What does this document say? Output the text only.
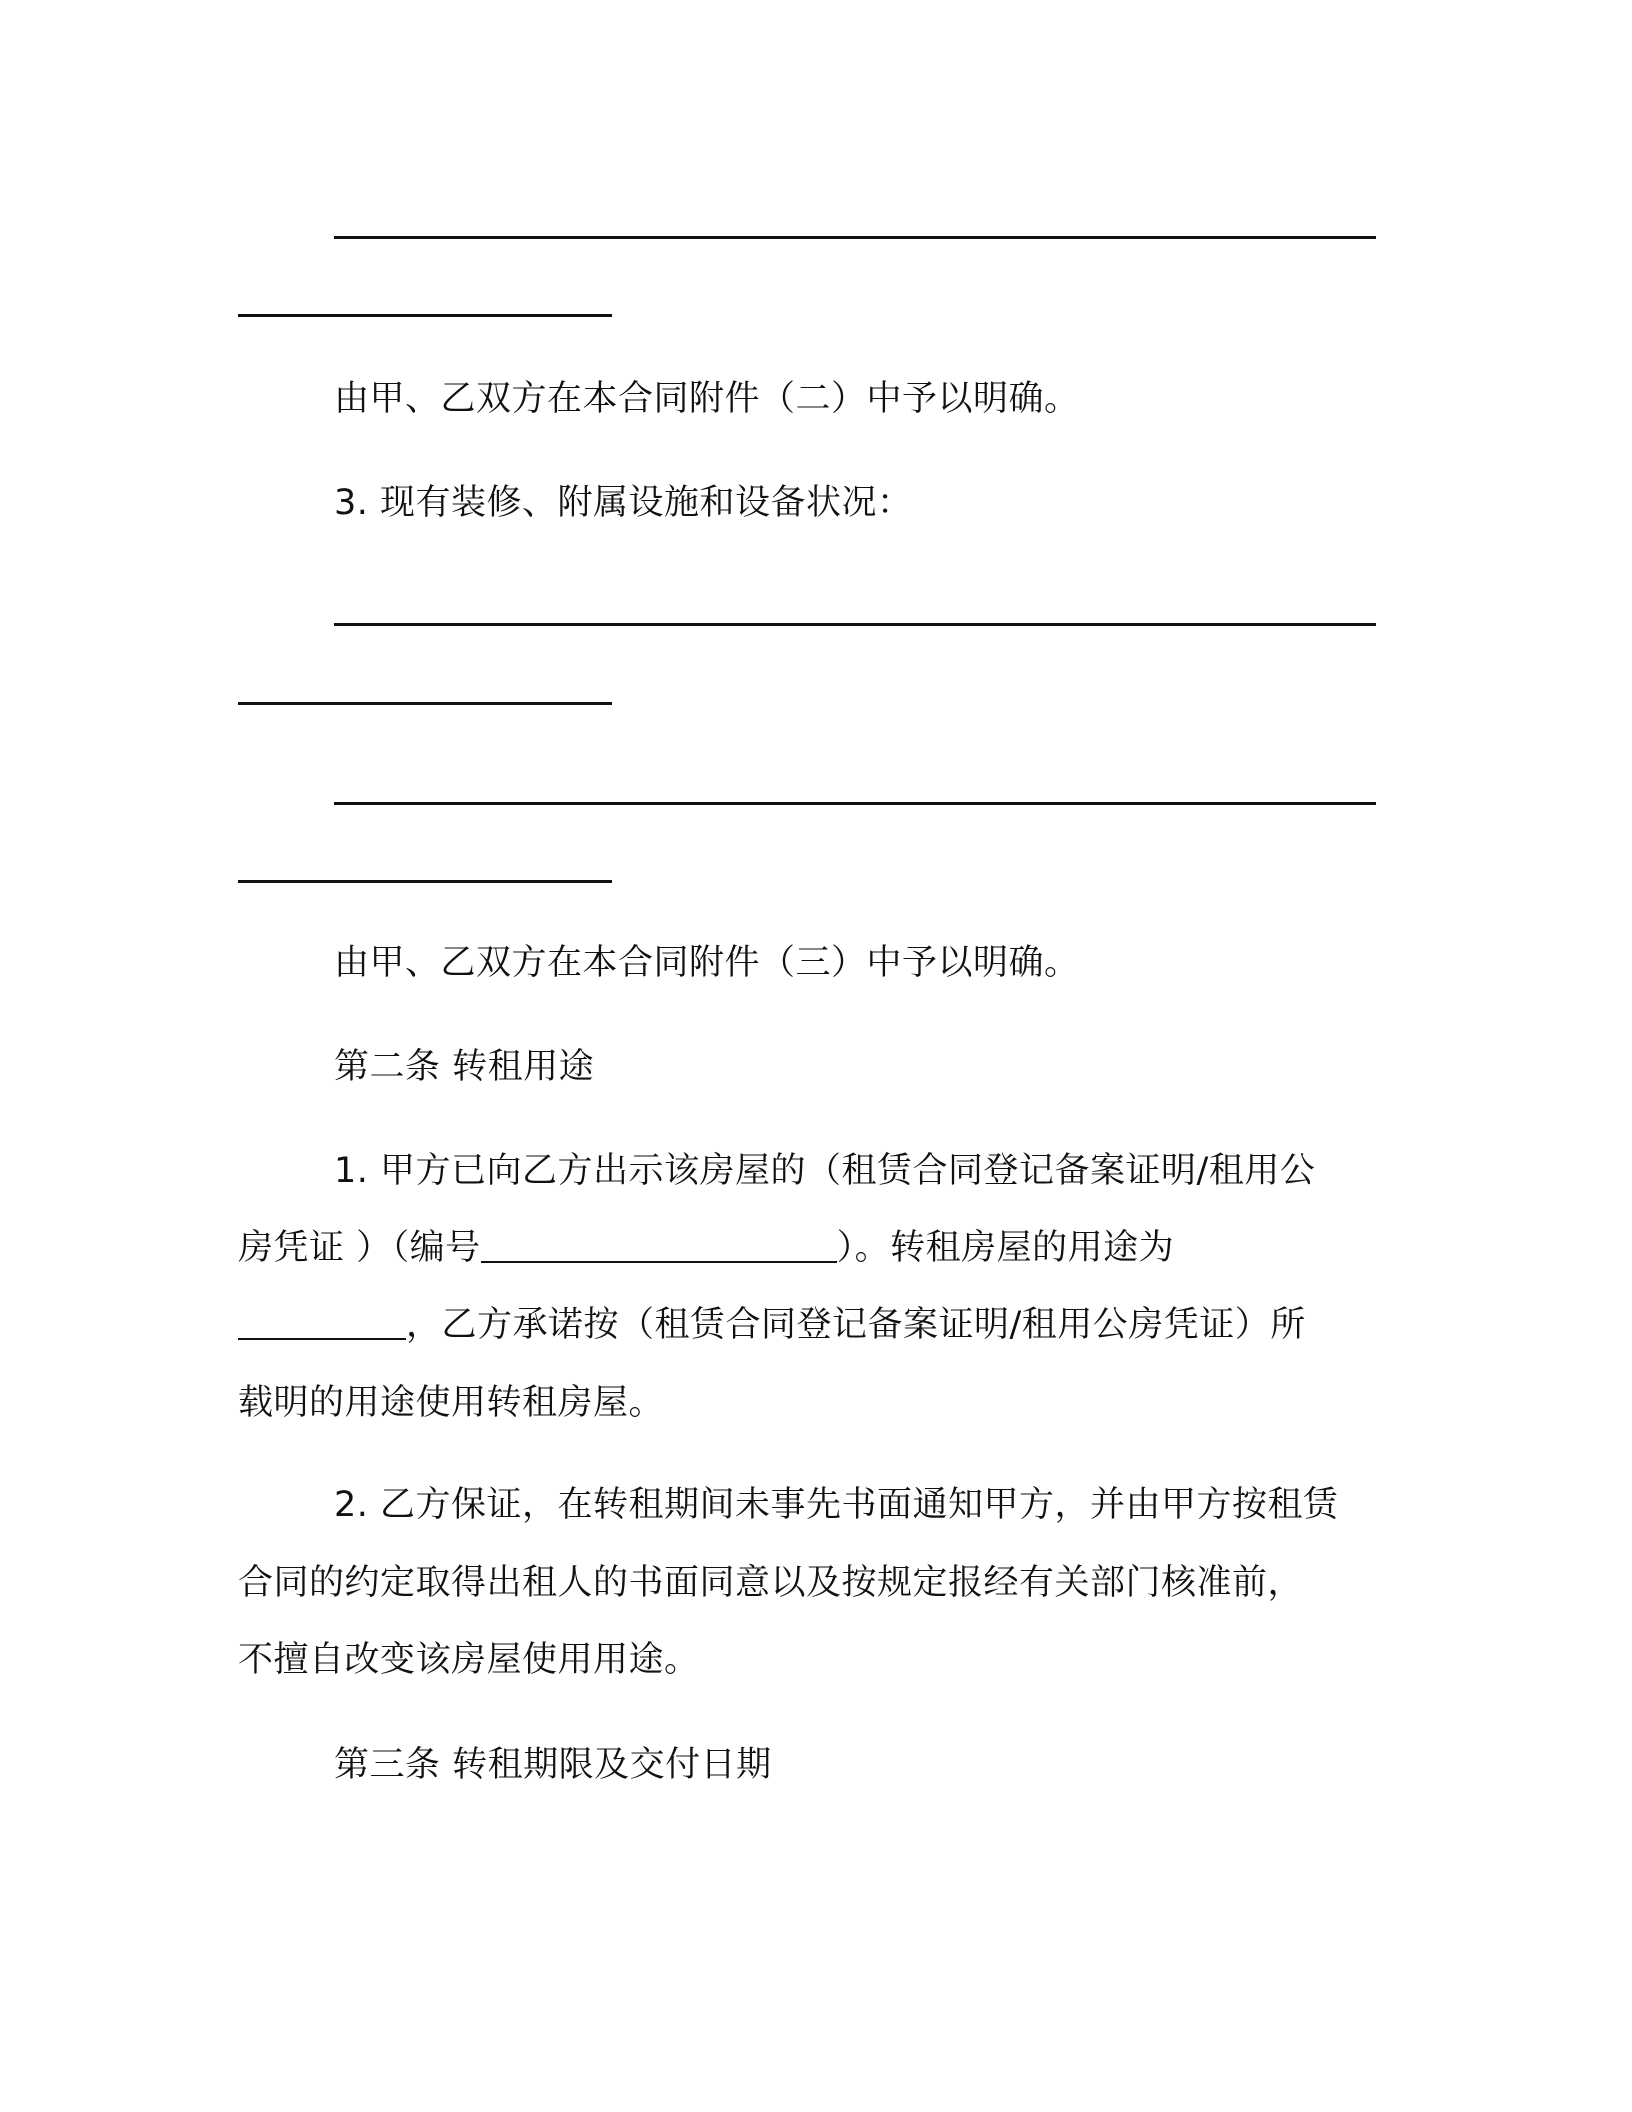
由甲、乙双方在本合同附件（二）中予以明确。
3. 现有装修、附属设施和设备状况：
由甲、乙双方在本合同附件（三）中予以明确。
第二条 转租用途
1. 甲方已向乙方出示该房屋的（租赁合同登记备案证明/租用公
房凭证 ）（编号	）。转租房屋的用途为
，乙方承诺按（租赁合同登记备案证明/租用公房凭证）所
载明的用途使用转租房屋。
2. 乙方保证，在转租期间未事先书面通知甲方，并由甲方按租赁
合同的约定取得出租人的书面同意以及按规定报经有关部门核准前，
不擅自改变该房屋使用用途。
第三条 转租期限及交付日期
